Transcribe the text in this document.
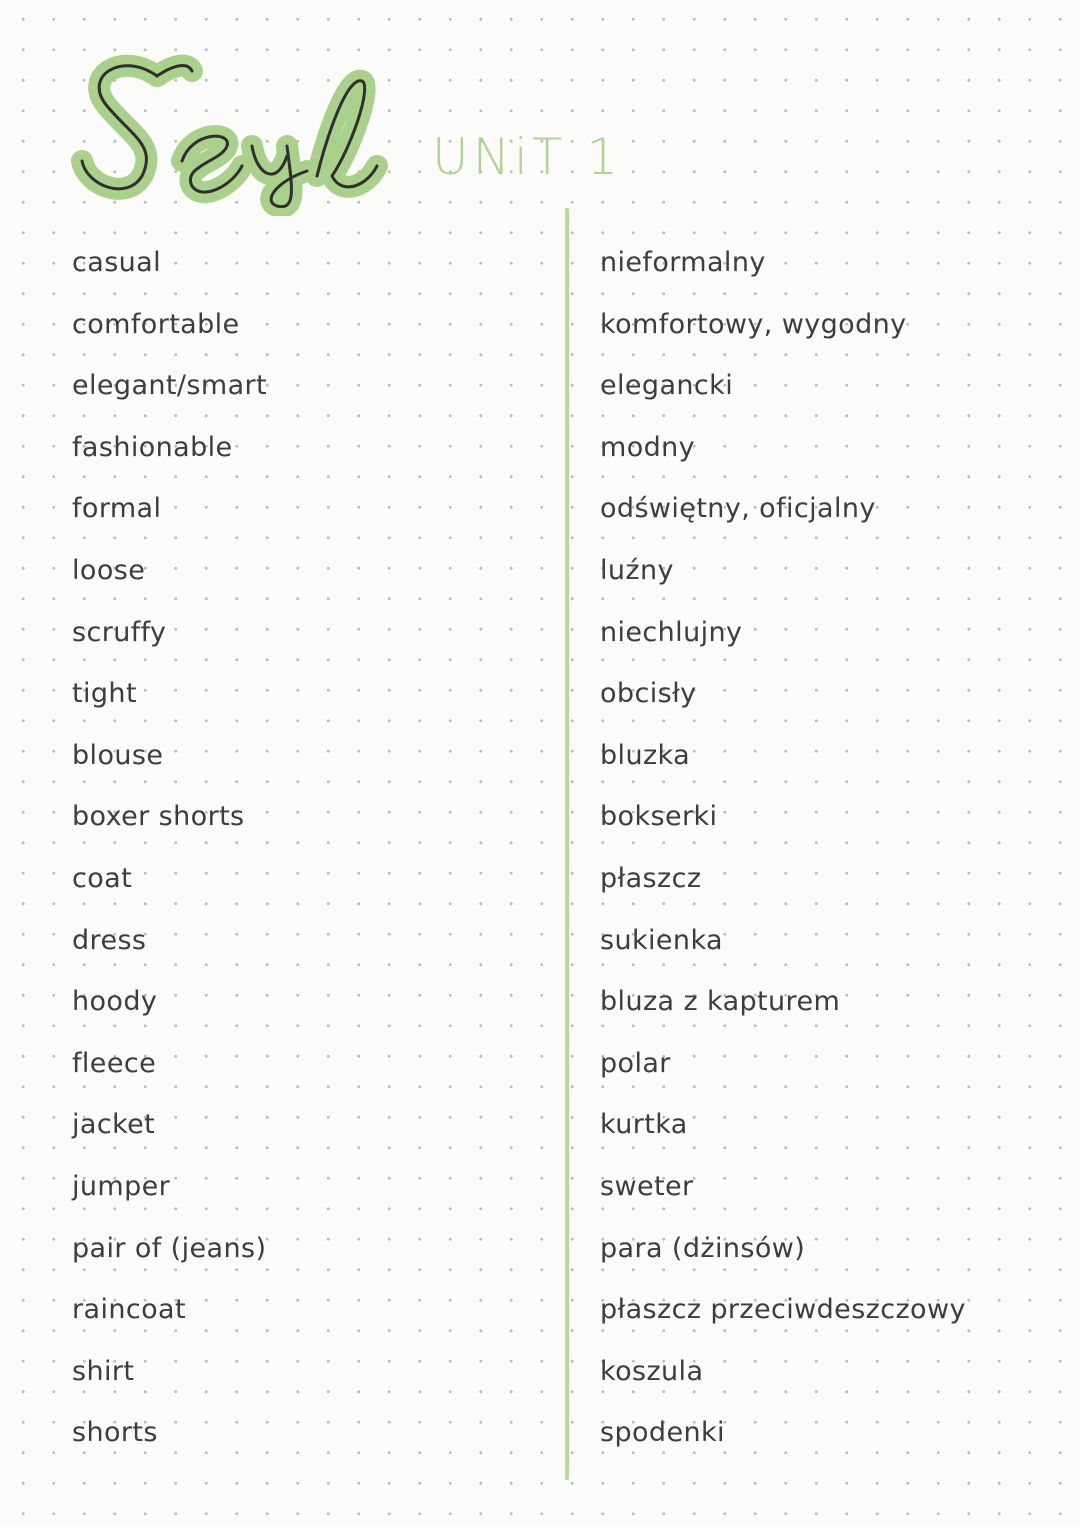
UNiT 1
casual
comfortable
elegant/smart
fashionable
formal
loose
scruffy
tight
blouse
boxer shorts
coat
dress
hoody
fleece
jacket
jumper
pair of (jeans)
raincoat
shirt
shorts
nieformalny
komfortowy, wygodny
elegancki
modny
odświętny, oficjalny
luźny
niechlujny
obcisły
bluzka
bokserki
płaszcz
sukienka
bluza z kapturem
polar
kurtka
sweter
para (dżinsów)
płaszcz przeciwdeszczowy
koszula
spodenki
